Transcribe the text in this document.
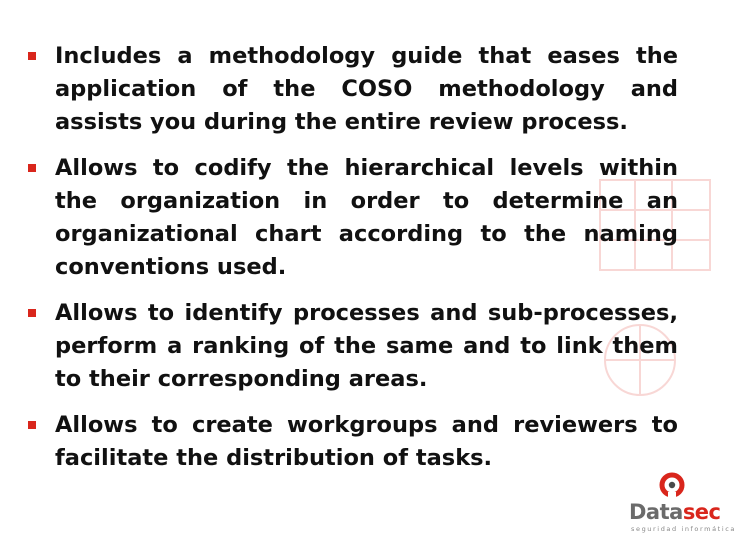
Includes a methodology guide that eases the application of the COSO methodology and assists you during the entire review process.
Allows to codify the hierarchical levels within the organization in order to determine an organizational chart according to the naming conventions used.
Allows to identify processes and sub-processes, perform a ranking of the same and to link them to their corresponding areas.
Allows to create workgroups and reviewers to facilitate the distribution of tasks.
Datasec
seguridad informática
